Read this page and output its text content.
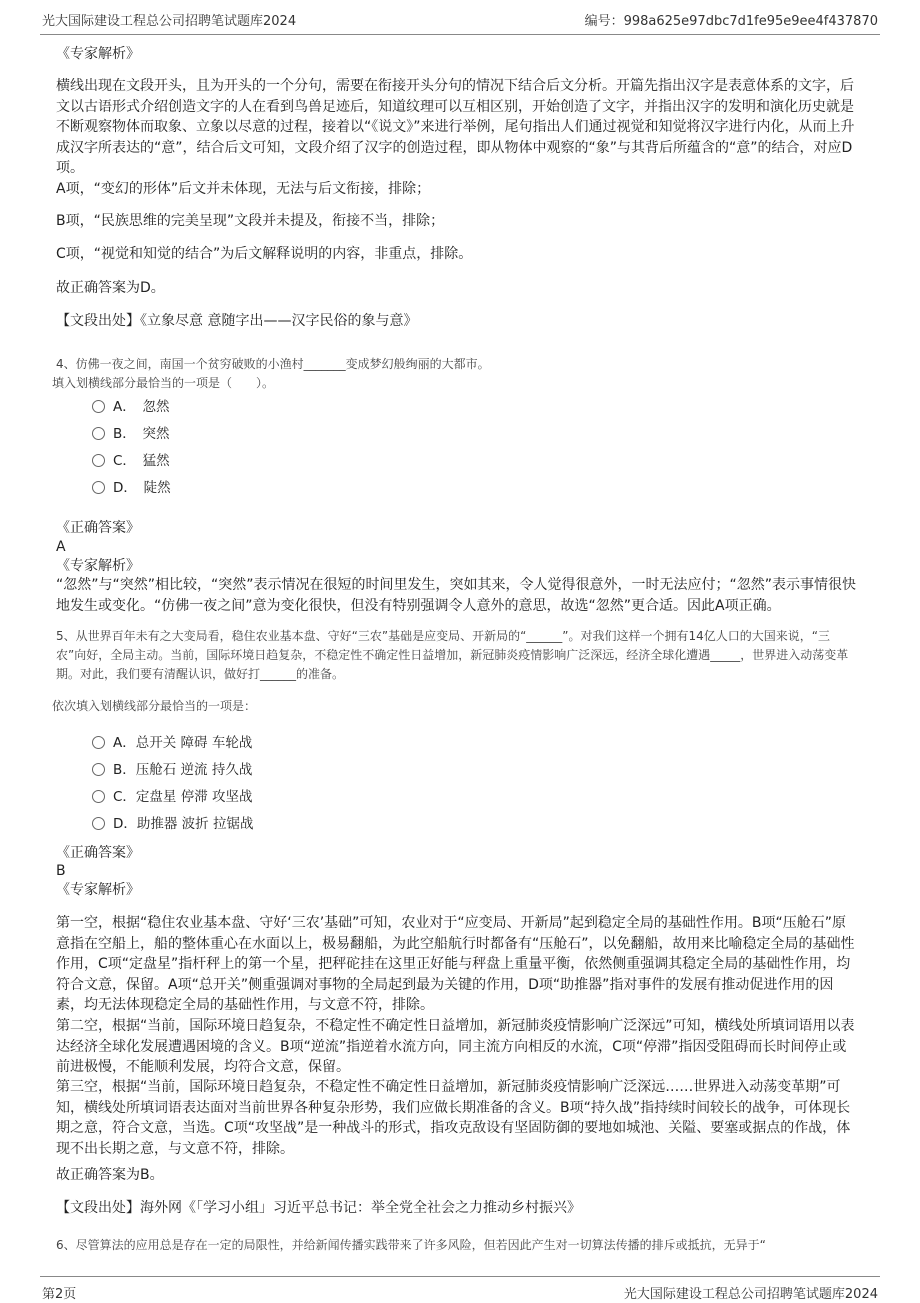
光大国际建设工程总公司招聘笔试题库2024	编号：998a625e97dbc7d1fe95e9ee4f437870

《专家解析》

横线出现在文段开头，且为开头的一个分句，需要在衔接开头分句的情况下结合后文分析。开篇先指出汉字是表意体系的文字，后文以古语形式介绍创造文字的人在看到鸟兽足迹后，知道纹理可以互相区别，开始创造了文字，并指出汉字的发明和演化历史就是不断观察物体而取象、立象以尽意的过程，接着以“《说文》”来进行举例，尾句指出人们通过视觉和知觉将汉字进行内化，从而上升成汉字所表达的“意”，结合后文可知，文段介绍了汉字的创造过程，即从物体中观察的“象”与其背后所蕴含的“意”的结合，对应D项。

A项，“变幻的形体”后文并未体现，无法与后文衔接，排除；

B项，“民族思维的完美呈现”文段并未提及，衔接不当，排除；

C项，“视觉和知觉的结合”为后文解释说明的内容，非重点，排除。

故正确答案为D。

【文段出处】《立象尽意 意随字出——汉字民俗的象与意》

4、仿佛一夜之间，南国一个贫穷破败的小渔村_______变成梦幻般绚丽的大都市。

填入划横线部分最恰当的一项是（　　）。

A．　忽然
B．　突然
C．　猛然
D．　陡然

《正确答案》

A

《专家解析》

“忽然”与“突然”相比较，“突然”表示情况在很短的时间里发生，突如其来，令人觉得很意外，一时无法应付；“忽然”表示事情很快地发生或变化。“仿佛一夜之间”意为变化很快，但没有特别强调令人意外的意思，故选“忽然”更合适。因此A项正确。

5、从世界百年未有之大变局看，稳住农业基本盘、守好“三农”基础是应变局、开新局的“______”。对我们这样一个拥有14亿人口的大国来说，“三农”向好，全局主动。当前，国际环境日趋复杂，不稳定性不确定性日益增加，新冠肺炎疫情影响广泛深远，经济全球化遭遇_____，世界进入动荡变革期。对此，我们要有清醒认识，做好打______的准备。

依次填入划横线部分最恰当的一项是：

A．总开关 障碍 车轮战
B．压舱石 逆流 持久战
C．定盘星 停滞 攻坚战
D．助推器 波折 拉锯战

《正确答案》

B

《专家解析》

第一空，根据“稳住农业基本盘、守好‘三农’基础”可知，农业对于“应变局、开新局”起到稳定全局的基础性作用。B项“压舱石”原意指在空船上，船的整体重心在水面以上，极易翻船，为此空船航行时都备有“压舱石”，以免翻船，故用来比喻稳定全局的基础性作用，C项“定盘星”指杆秤上的第一个星，把秤砣挂在这里正好能与秤盘上重量平衡，依然侧重强调其稳定全局的基础性作用，均符合文意，保留。A项“总开关”侧重强调对事物的全局起到最为关键的作用，D项“助推器”指对事件的发展有推动促进作用的因素，均无法体现稳定全局的基础性作用，与文意不符，排除。

第二空，根据“当前，国际环境日趋复杂，不稳定性不确定性日益增加，新冠肺炎疫情影响广泛深远”可知，横线处所填词语用以表达经济全球化发展遭遇困境的含义。B项“逆流”指逆着水流方向，同主流方向相反的水流，C项“停滞”指因受阻碍而长时间停止或前进极慢，不能顺利发展，均符合文意，保留。

第三空，根据“当前，国际环境日趋复杂，不稳定性不确定性日益增加，新冠肺炎疫情影响广泛深远……世界进入动荡变革期”可知，横线处所填词语表达面对当前世界各种复杂形势，我们应做长期准备的含义。B项“持久战”指持续时间较长的战争，可体现长期之意，符合文意，当选。C项“攻坚战”是一种战斗的形式，指攻克敌设有坚固防御的要地如城池、关隘、要塞或据点的作战，体现不出长期之意，与文意不符，排除。

故正确答案为B。

【文段出处】海外网《「学习小组」习近平总书记：举全党全社会之力推动乡村振兴》

6、尽管算法的应用总是存在一定的局限性，并给新闻传播实践带来了许多风险，但若因此产生对一切算法传播的排斥或抵抗，无异于“

第2页	光大国际建设工程总公司招聘笔试题库2024
